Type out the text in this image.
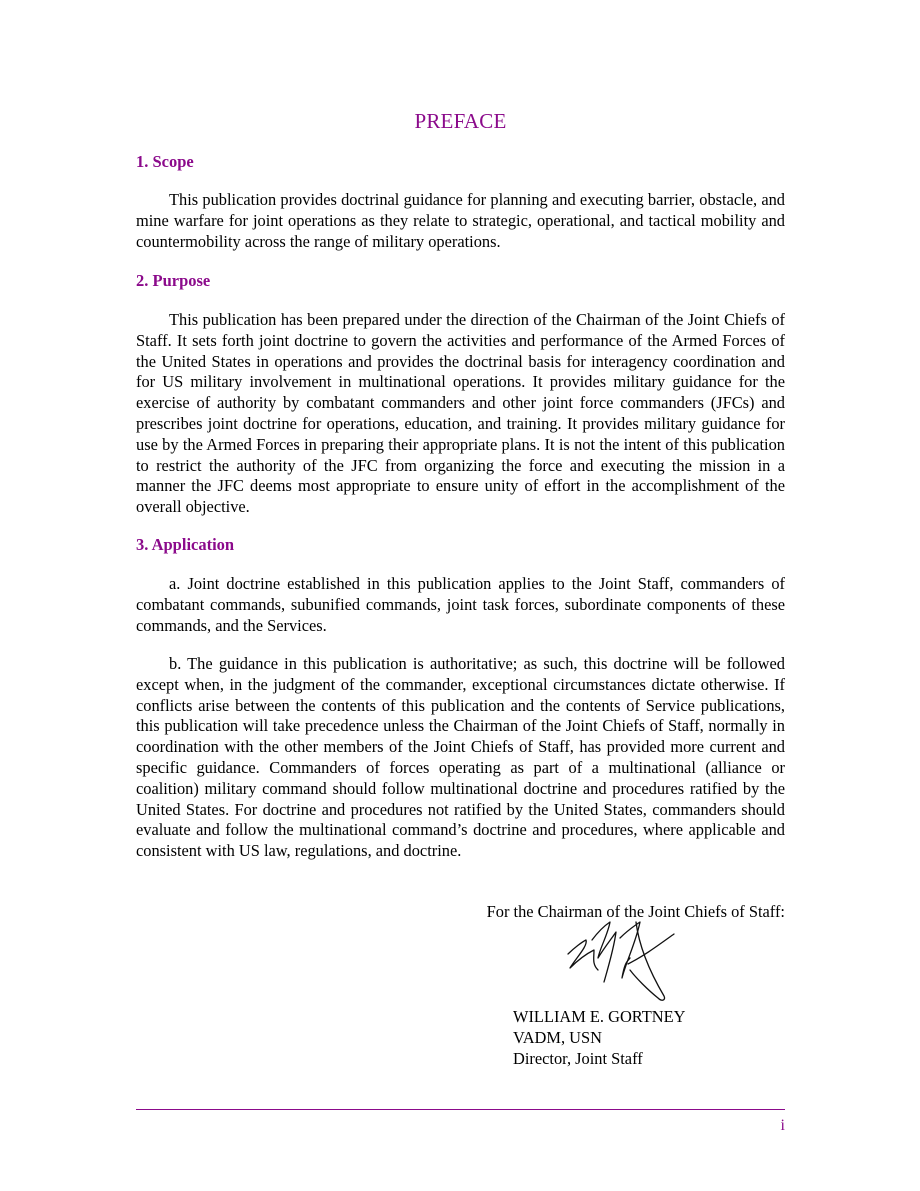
PREFACE
1. Scope
This publication provides doctrinal guidance for planning and executing barrier, obstacle, and mine warfare for joint operations as they relate to strategic, operational, and tactical mobility and countermobility across the range of military operations.
2. Purpose
This publication has been prepared under the direction of the Chairman of the Joint Chiefs of Staff. It sets forth joint doctrine to govern the activities and performance of the Armed Forces of the United States in operations and provides the doctrinal basis for interagency coordination and for US military involvement in multinational operations. It provides military guidance for the exercise of authority by combatant commanders and other joint force commanders (JFCs) and prescribes joint doctrine for operations, education, and training. It provides military guidance for use by the Armed Forces in preparing their appropriate plans. It is not the intent of this publication to restrict the authority of the JFC from organizing the force and executing the mission in a manner the JFC deems most appropriate to ensure unity of effort in the accomplishment of the overall objective.
3. Application
a. Joint doctrine established in this publication applies to the Joint Staff, commanders of combatant commands, subunified commands, joint task forces, subordinate components of these commands, and the Services.
b. The guidance in this publication is authoritative; as such, this doctrine will be followed except when, in the judgment of the commander, exceptional circumstances dictate otherwise. If conflicts arise between the contents of this publication and the contents of Service publications, this publication will take precedence unless the Chairman of the Joint Chiefs of Staff, normally in coordination with the other members of the Joint Chiefs of Staff, has provided more current and specific guidance. Commanders of forces operating as part of a multinational (alliance or coalition) military command should follow multinational doctrine and procedures ratified by the United States. For doctrine and procedures not ratified by the United States, commanders should evaluate and follow the multinational command’s doctrine and procedures, where applicable and consistent with US law, regulations, and doctrine.
For the Chairman of the Joint Chiefs of Staff:
WILLIAM E. GORTNEY
VADM, USN
Director, Joint Staff
i
